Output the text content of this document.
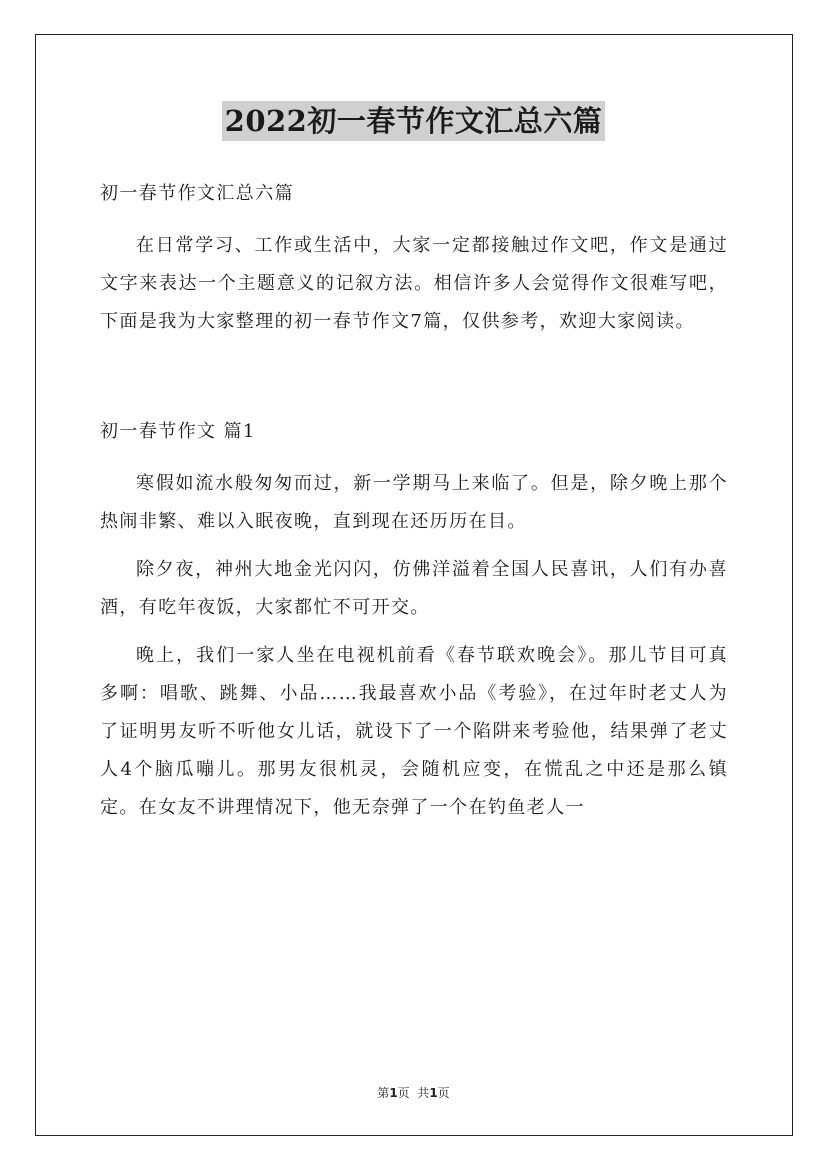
2022初一春节作文汇总六篇

初一春节作文汇总六篇

在日常学习、工作或生活中，大家一定都接触过作文吧，作文是通过文字来表达一个主题意义的记叙方法。相信许多人会觉得作文很难写吧，下面是我为大家整理的初一春节作文7篇，仅供参考，欢迎大家阅读。

初一春节作文 篇1

寒假如流水般匆匆而过，新一学期马上来临了。但是，除夕晚上那个热闹非繁、难以入眠夜晚，直到现在还历历在目。

除夕夜，神州大地金光闪闪，仿佛洋溢着全国人民喜讯，人们有办喜酒，有吃年夜饭，大家都忙不可开交。

晚上，我们一家人坐在电视机前看《春节联欢晚会》。那儿节目可真多啊：唱歌、跳舞、小品……我最喜欢小品《考验》，在过年时老丈人为了证明男友听不听他女儿话，就设下了一个陷阱来考验他，结果弹了老丈人4个脑瓜嘣儿。那男友很机灵，会随机应变，在慌乱之中还是那么镇定。在女友不讲理情况下，他无奈弹了一个在钓鱼老人一

第1页  共1页
